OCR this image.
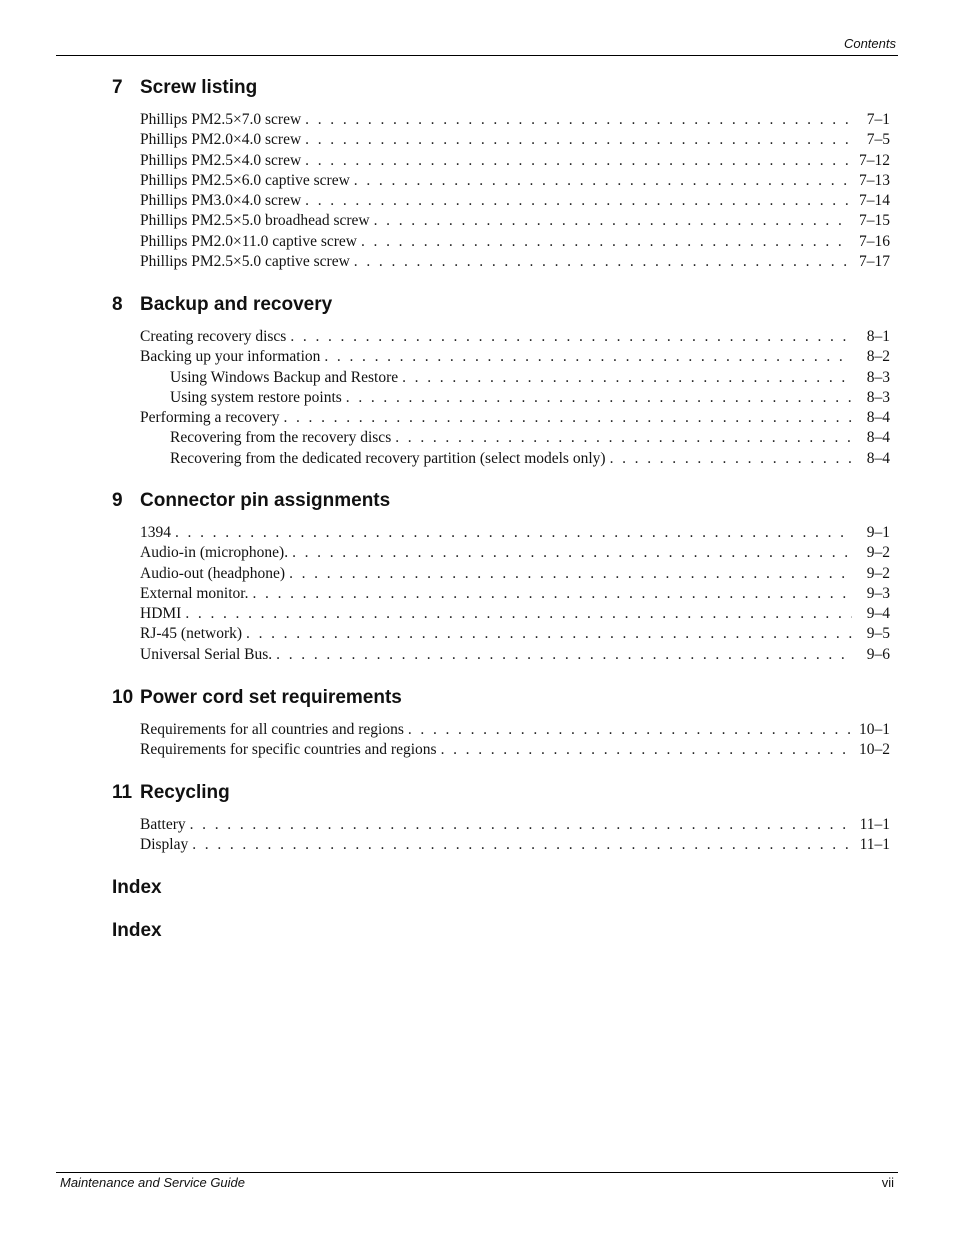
Contents
7 Screw listing
Phillips PM2.5×7.0 screw . . .	7–1
Phillips PM2.0×4.0 screw . . .	7–5
Phillips PM2.5×4.0 screw . . .	7–12
Phillips PM2.5×6.0 captive screw . . .	7–13
Phillips PM3.0×4.0 screw . . .	7–14
Phillips PM2.5×5.0 broadhead screw . . .	7–15
Phillips PM2.0×11.0 captive screw . . .	7–16
Phillips PM2.5×5.0 captive screw . . .	7–17
8 Backup and recovery
Creating recovery discs . . .	8–1
Backing up your information . . .	8–2
Using Windows Backup and Restore . . .	8–3
Using system restore points . . .	8–3
Performing a recovery . . .	8–4
Recovering from the recovery discs . . .	8–4
Recovering from the dedicated recovery partition (select models only) . . .	8–4
9 Connector pin assignments
1394 . . .	9–1
Audio-in (microphone). . . .	9–2
Audio-out (headphone) . . .	9–2
External monitor. . . .	9–3
HDMI . . .	9–4
RJ-45 (network) . . .	9–5
Universal Serial Bus. . . .	9–6
10 Power cord set requirements
Requirements for all countries and regions . . .	10–1
Requirements for specific countries and regions . . .	10–2
11 Recycling
Battery . . .	11–1
Display . . .	11–1
Index
Index
Maintenance and Service Guide	vii
